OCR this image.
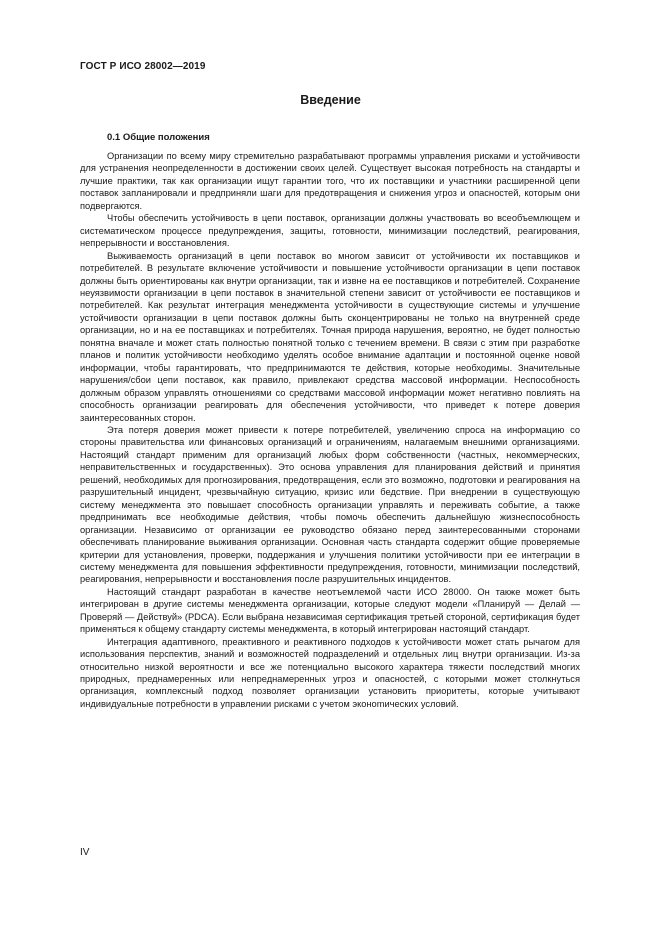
ГОСТ Р ИСО 28002—2019
Введение
0.1 Общие положения

Организации по всему миру стремительно разрабатывают программы управления рисками и устойчивости для устранения неопределенности в достижении своих целей. Существует высокая потребность на стандарты и лучшие практики, так как организации ищут гарантии того, что их поставщики и участники расширенной цепи поставок запланировали и предприняли шаги для предотвращения и снижения угроз и опасностей, которым они подвергаются.

Чтобы обеспечить устойчивость в цепи поставок, организации должны участвовать во всеобъемлющем и систематическом процессе предупреждения, защиты, готовности, минимизации последствий, реагирования, непрерывности и восстановления.

Выживаемость организаций в цепи поставок во многом зависит от устойчивости их поставщиков и потребителей. В результате включение устойчивости и повышение устойчивости организации в цепи поставок должны быть ориентированы как внутри организации, так и извне на ее поставщиков и потребителей. Сохранение неуязвимости организации в цепи поставок в значительной степени зависит от устойчивости ее поставщиков и потребителей. Как результат интеграция менеджмента устойчивости в существующие системы и улучшение устойчивости организации в цепи поставок должны быть сконцентрированы не только на внутренней среде организации, но и на ее поставщиках и потребителях. Точная природа нарушения, вероятно, не будет полностью понятна вначале и может стать полностью понятной только с течением времени. В связи с этим при разработке планов и политик устойчивости необходимо уделять особое внимание адаптации и постоянной оценке новой информации, чтобы гарантировать, что предпринимаются те действия, которые необходимы. Значительные нарушения/сбои цепи поставок, как правило, привлекают средства массовой информации. Неспособность должным образом управлять отношениями со средствами массовой информации может негативно повлиять на способность организации реагировать для обеспечения устойчивости, что приведет к потере доверия заинтересованных сторон.

Эта потеря доверия может привести к потере потребителей, увеличению спроса на информацию со стороны правительства или финансовых организаций и ограничениям, налагаемым внешними организациями. Настоящий стандарт применим для организаций любых форм собственности (частных, некоммерческих, неправительственных и государственных). Это основа управления для планирования действий и принятия решений, необходимых для прогнозирования, предотвращения, если это возможно, подготовки и реагирования на разрушительный инцидент, чрезвычайную ситуацию, кризис или бедствие. При внедрении в существующую систему менеджмента это повышает способность организации управлять и переживать событие, а также предпринимать все необходимые действия, чтобы помочь обеспечить дальнейшую жизнеспособность организации. Независимо от организации ее руководство обязано перед заинтересованными сторонами обеспечивать планирование выживания организации. Основная часть стандарта содержит общие проверяемые критерии для установления, проверки, поддержания и улучшения политики устойчивости при ее интеграции в систему менеджмента для повышения эффективности предупреждения, готовности, минимизации последствий, реагирования, непрерывности и восстановления после разрушительных инцидентов.

Настоящий стандарт разработан в качестве неотъемлемой части ИСО 28000. Он также может быть интегрирован в другие системы менеджмента организации, которые следуют модели «Планируй — Делай — Проверяй — Действуй» (PDCA). Если выбрана независимая сертификация третьей стороной, сертификация будет применяться к общему стандарту системы менеджмента, в который интегрирован настоящий стандарт.

Интеграция адаптивного, преактивного и реактивного подходов к устойчивости может стать рычагом для использования перспектив, знаний и возможностей подразделений и отдельных лиц внутри организации. Из-за относительно низкой вероятности и все же потенциально высокого характера тяжести последствий многих природных, преднамеренных или непреднамеренных угроз и опасностей, с которыми может столкнуться организация, комплексный подход позволяет организации установить приоритеты, которые учитывают индивидуальные потребности в управлении рисками с учетом эконоmических условий.

IV
